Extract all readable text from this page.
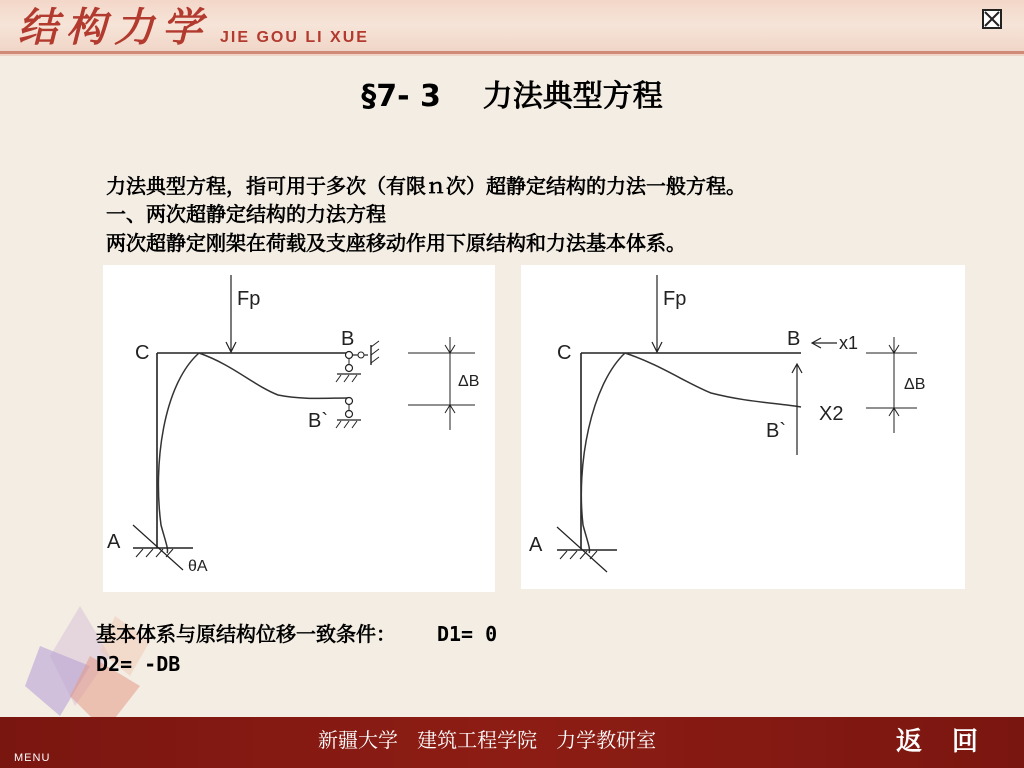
结构力学 JIE GOU LI XUE
§7- 3    力法典型方程
力法典型方程，指可用于多次（有限ｎ次）超静定结构的力法一般方程。
一、两次超静定结构的力法方程
两次超静定刚架在荷载及支座移动作用下原结构和力法基本体系。
Fp
C
B
B`
A
θA
ΔB
Fp
C
B
B`
A
x1
X2
ΔB
基本体系与原结构位移一致条件： D1= 0
D2= -DB
新疆大学   建筑工程学院   力学教研室	返回
MENU
